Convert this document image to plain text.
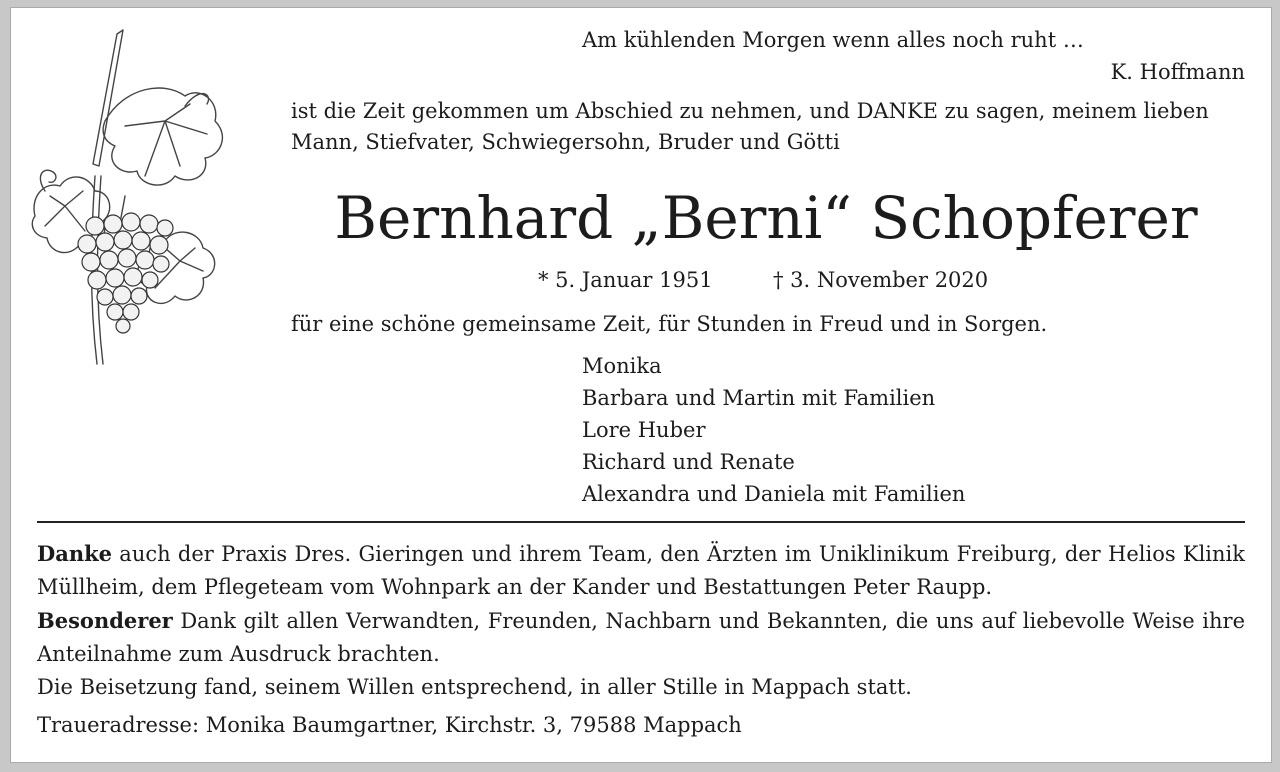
Am kühlenden Morgen wenn alles noch ruht …
K. Hoffmann
ist die Zeit gekommen um Abschied zu nehmen, und DANKE zu sagen, meinem lieben Mann, Stiefvater, Schwiegersohn, Bruder und Götti
Bernhard „Berni“ Schopferer
* 5. Januar 1951	† 3. November 2020
für eine schöne gemeinsame Zeit, für Stunden in Freud und in Sorgen.
Monika
Barbara und Martin mit Familien
Lore Huber
Richard und Renate
Alexandra und Daniela mit Familien

Danke auch der Praxis Dres. Gieringen und ihrem Team, den Ärzten im Uniklinikum Freiburg, der Helios Klinik Müllheim, dem Pflegeteam vom Wohnpark an der Kander und Bestattungen Peter Raupp.

Besonderer Dank gilt allen Verwandten, Freunden, Nachbarn und Bekannten, die uns auf liebevolle Weise ihre Anteilnahme zum Ausdruck brachten.

Die Beisetzung fand, seinem Willen entsprechend, in aller Stille in Mappach statt.

Traueradresse: Monika Baumgartner, Kirchstr. 3, 79588 Mappach
